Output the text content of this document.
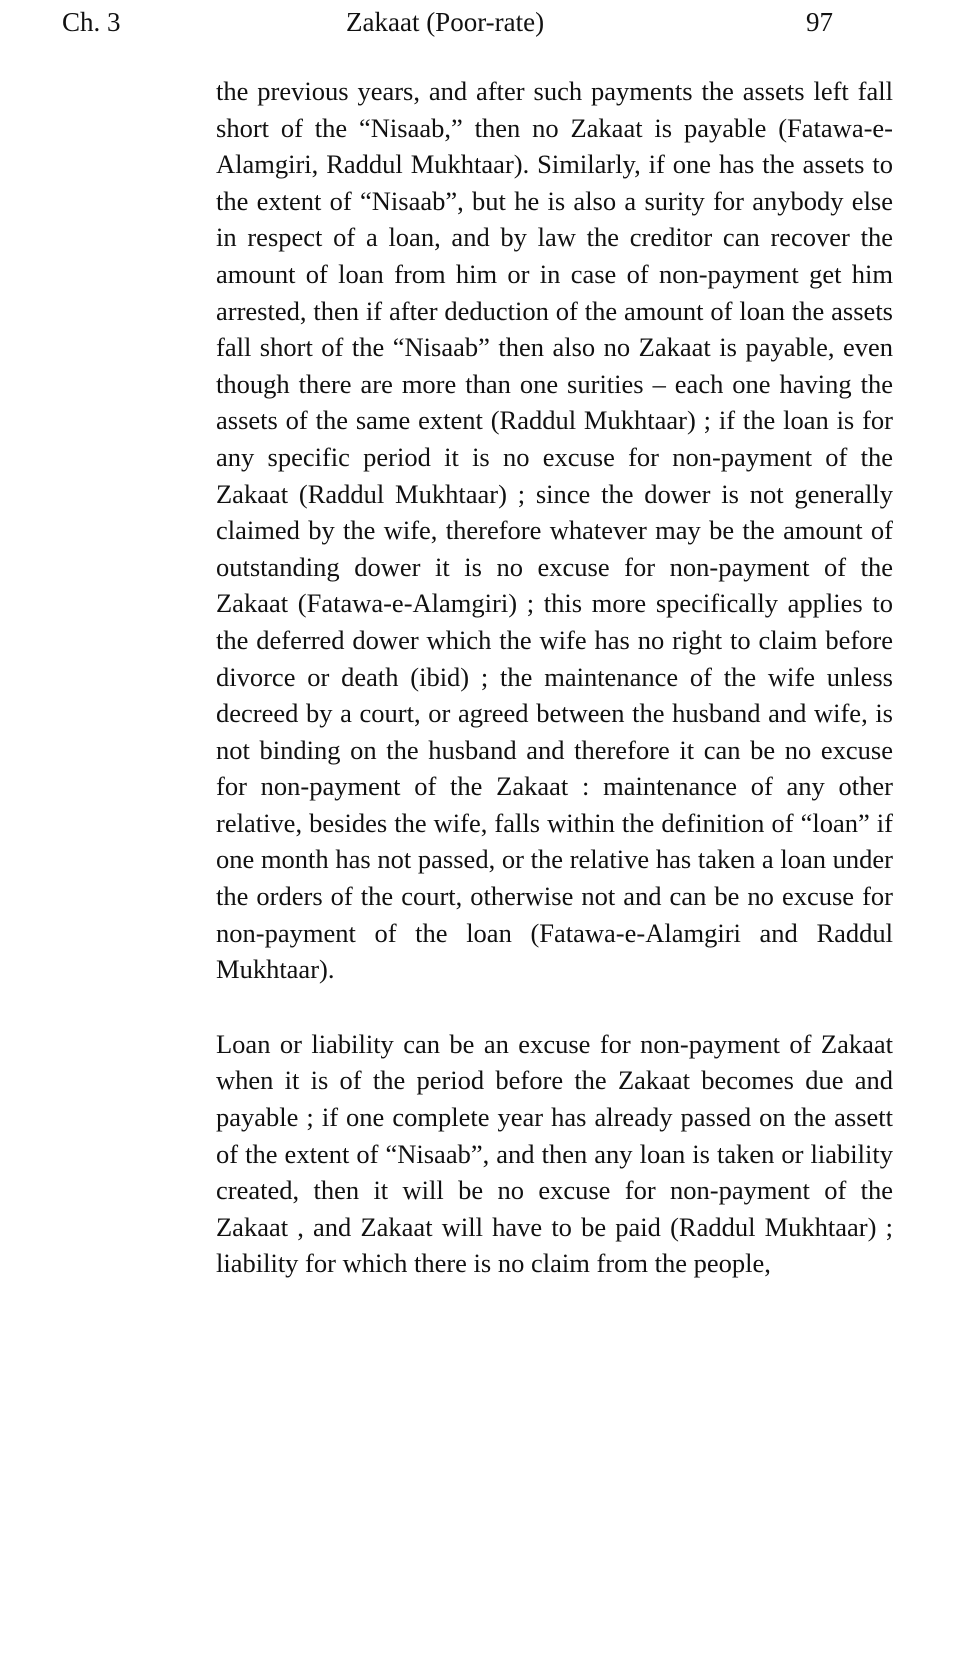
Ch. 3	Zakaat (Poor-rate)	97

the previous years, and after such payments the assets left fall short of the “Nisaab,” then no Zakaat is payable (Fatawa-e-Alamgiri, Raddul Mukhtaar). Similarly, if one has the assets to the extent of “Nisaab”, but he is also a surity for anybody else in respect of a loan, and by law the creditor can recover the amount of loan from him or in case of non-payment get him arrested, then if after deduction of the amount of loan the assets fall short of the “Nisaab” then also no Zakaat is payable, even though there are more than one surities – each one having the assets of the same extent (Raddul Mukhtaar) ; if the loan is for any specific period it is no excuse for non-payment of the Zakaat (Raddul Mukhtaar) ; since the dower is not generally claimed by the wife, therefore whatever may be the amount of outstanding dower it is no excuse for non-payment of the Zakaat (Fatawa-e-Alamgiri) ; this more specifically applies to the deferred dower which the wife has no right to claim before divorce or death (ibid) ; the maintenance of the wife unless decreed by a court, or agreed between the husband and wife, is not binding on the husband and therefore it can be no excuse for non-payment of the Zakaat : maintenance of any other relative, besides the wife, falls within the definition of “loan” if one month has not passed, or the relative has taken a loan under the orders of the court, otherwise not and can be no excuse for non-payment of the loan (Fatawa-e-Alamgiri and Raddul Mukhtaar).

Loan or liability can be an excuse for non-payment of Zakaat when it is of the period before the Zakaat becomes due and payable ; if one complete year has already passed on the assett of the extent of “Nisaab”, and then any loan is taken or liability created, then it will be no excuse for non-payment of the Zakaat , and Zakaat will have to be paid (Raddul Mukhtaar) ; liability for which there is no claim from the people,
